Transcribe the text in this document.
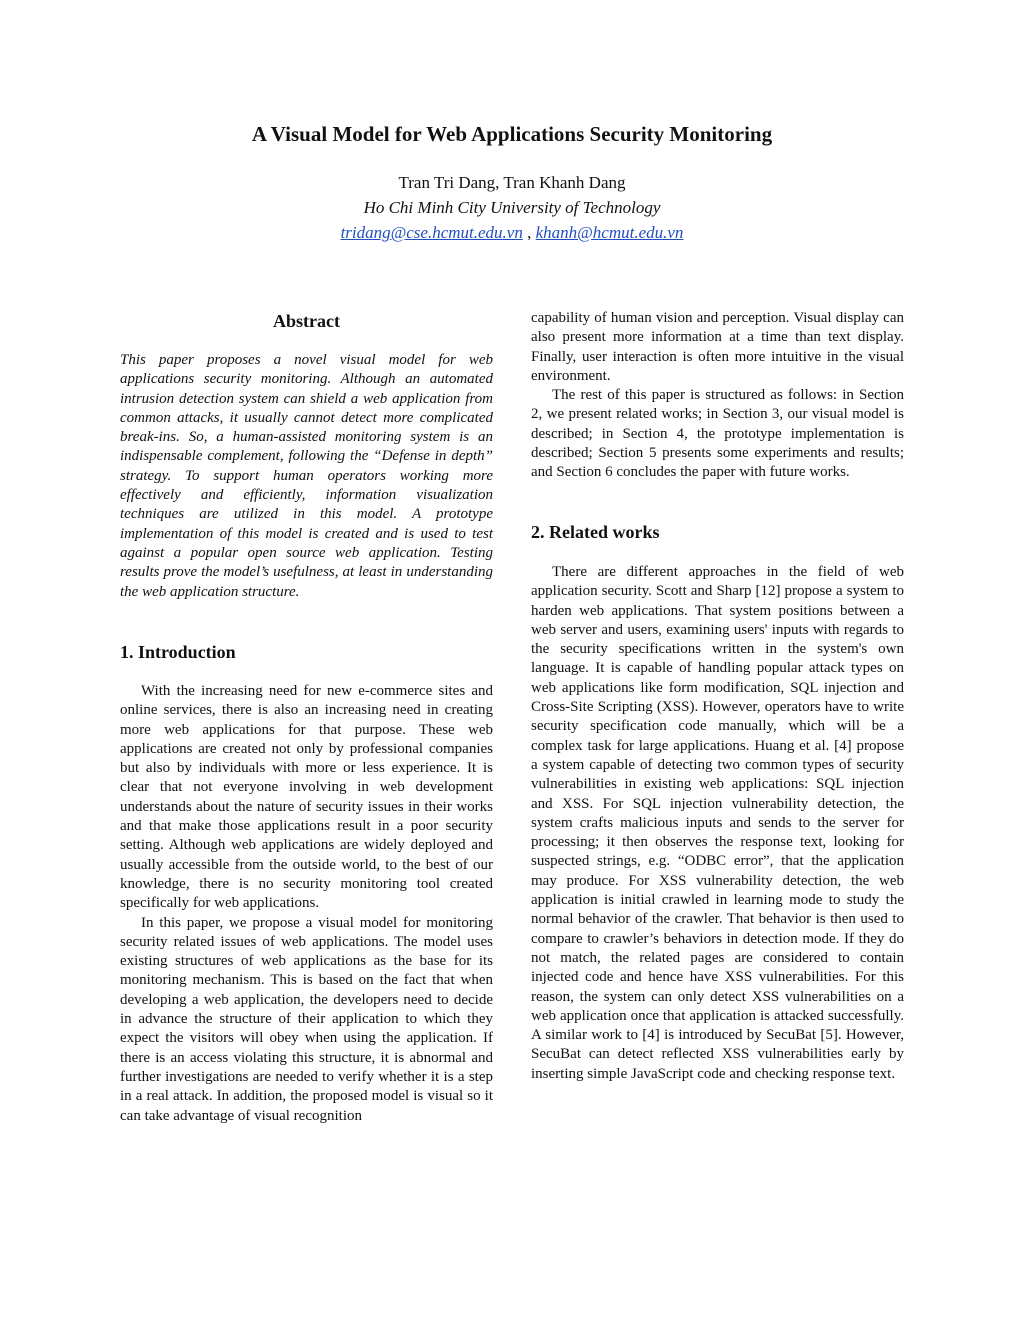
A Visual Model for Web Applications Security Monitoring
Tran Tri Dang, Tran Khanh Dang
Ho Chi Minh City University of Technology
tridang@cse.hcmut.edu.vn , khanh@hcmut.edu.vn
Abstract

This paper proposes a novel visual model for web applications security monitoring. Although an automated intrusion detection system can shield a web application from common attacks, it usually cannot detect more complicated break-ins. So, a human-assisted monitoring system is an indispensable complement, following the “Defense in depth” strategy. To support human operators working more effectively and efficiently, information visualization techniques are utilized in this model. A prototype implementation of this model is created and is used to test against a popular open source web application. Testing results prove the model’s usefulness, at least in understanding the web application structure.

1. Introduction

With the increasing need for new e-commerce sites and online services, there is also an increasing need in creating more web applications for that purpose. These web applications are created not only by professional companies but also by individuals with more or less experience. It is clear that not everyone involving in web development understands about the nature of security issues in their works and that make those applications result in a poor security setting. Although web applications are widely deployed and usually accessible from the outside world, to the best of our knowledge, there is no security monitoring tool created specifically for web applications.

In this paper, we propose a visual model for monitoring security related issues of web applications. The model uses existing structures of web applications as the base for its monitoring mechanism. This is based on the fact that when developing a web application, the developers need to decide in advance the structure of their application to which they expect the visitors will obey when using the application. If there is an access violating this structure, it is abnormal and further investigations are needed to verify whether it is a step in a real attack. In addition, the proposed model is visual so it can take advantage of visual recognition

capability of human vision and perception. Visual display can also present more information at a time than text display. Finally, user interaction is often more intuitive in the visual environment.

The rest of this paper is structured as follows: in Section 2, we present related works; in Section 3, our visual model is described; in Section 4, the prototype implementation is described; Section 5 presents some experiments and results; and Section 6 concludes the paper with future works.

2. Related works

There are different approaches in the field of web application security. Scott and Sharp [12] propose a system to harden web applications. That system positions between a web server and users, examining users' inputs with regards to the security specifications written in the system's own language. It is capable of handling popular attack types on web applications like form modification, SQL injection and Cross-Site Scripting (XSS). However, operators have to write security specification code manually, which will be a complex task for large applications. Huang et al. [4] propose a system capable of detecting two common types of security vulnerabilities in existing web applications: SQL injection and XSS. For SQL injection vulnerability detection, the system crafts malicious inputs and sends to the server for processing; it then observes the response text, looking for suspected strings, e.g. “ODBC error”, that the application may produce. For XSS vulnerability detection, the web application is initial crawled in learning mode to study the normal behavior of the crawler. That behavior is then used to compare to crawler’s behaviors in detection mode. If they do not match, the related pages are considered to contain injected code and hence have XSS vulnerabilities. For this reason, the system can only detect XSS vulnerabilities on a web application once that application is attacked successfully. A similar work to [4] is introduced by SecuBat [5]. However, SecuBat can detect reflected XSS vulnerabilities early by inserting simple JavaScript code and checking response text.
